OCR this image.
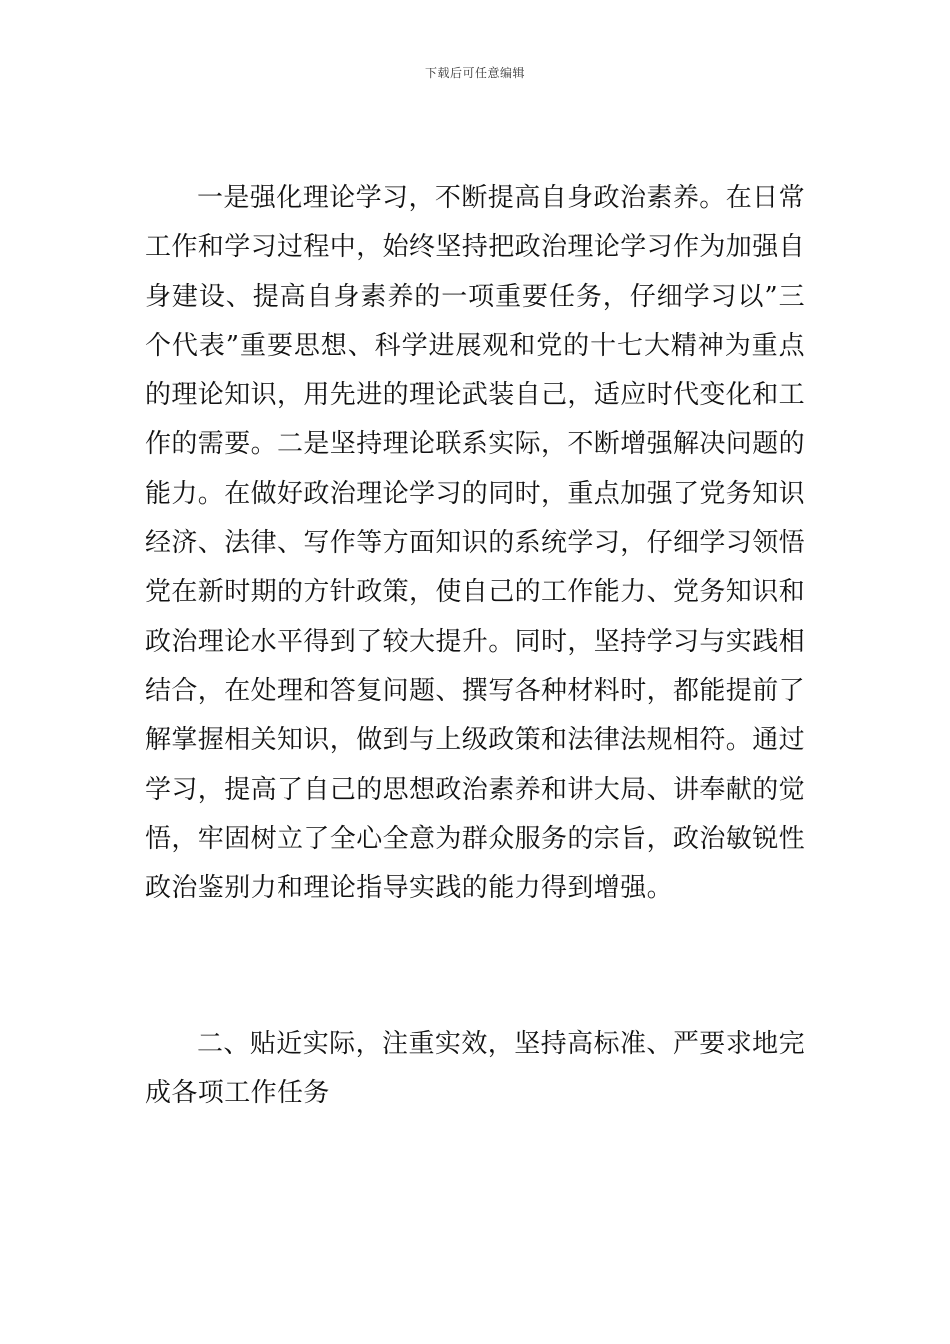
下载后可任意编辑

一是强化理论学习，不断提高自身政治素养。在日常工作和学习过程中，始终坚持把政治理论学习作为加强自身建设、提高自身素养的一项重要任务，仔细学习以”三个代表”重要思想、科学进展观和党的十七大精神为重点的理论知识，用先进的理论武装自己，适应时代变化和工作的需要。二是坚持理论联系实际，不断增强解决问题的能力。在做好政治理论学习的同时，重点加强了党务知识经济、法律、写作等方面知识的系统学习，仔细学习领悟党在新时期的方针政策，使自己的工作能力、党务知识和政治理论水平得到了较大提升。同时，坚持学习与实践相结合，在处理和答复问题、撰写各种材料时，都能提前了解掌握相关知识，做到与上级政策和法律法规相符。通过学习，提高了自己的思想政治素养和讲大局、讲奉献的觉悟，牢固树立了全心全意为群众服务的宗旨，政治敏锐性政治鉴别力和理论指导实践的能力得到增强。

二、贴近实际，注重实效，坚持高标准、严要求地完成各项工作任务
